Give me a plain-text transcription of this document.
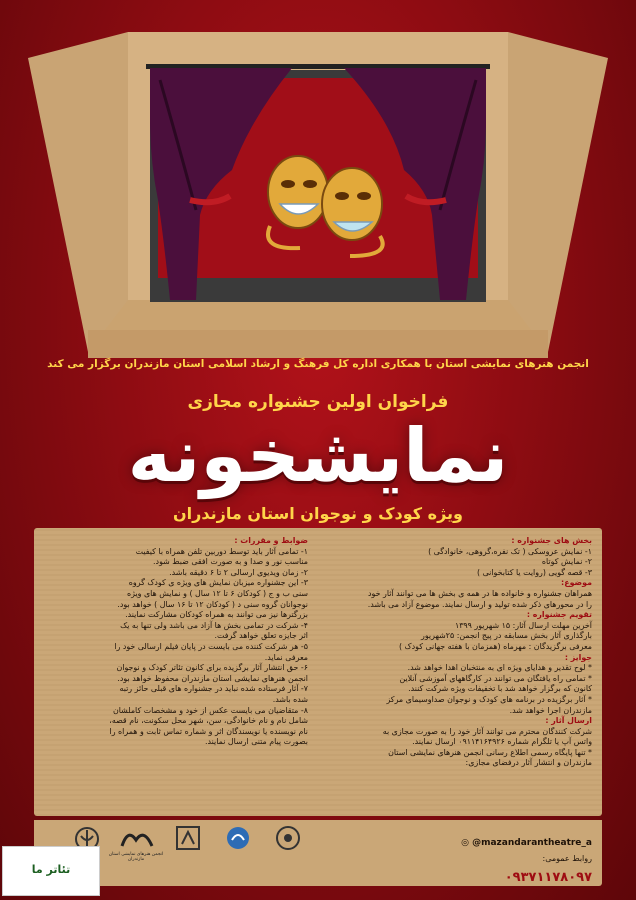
انجمن هنرهای نمایشی استان با همکاری اداره کل فرهنگ و ارشاد اسلامی استان مازندران برگزار می کند
فراخوان اولین جشنواره مجازی
نمایشخونه
ویژه کودک و نوجوان استان مازندران
بخش های جشنواره :
۱- نمایش عروسکی ( تک نفره،گروهی، خانوادگی )
۲- نمایش کوتاه
۳- قصه گویی (روایت یا کتابخوانی )
موضوع:
همراهان جشنواره و خانواده ها در همه ی بخش ها می توانند آثار خود
را در محورهای ذکر شده تولید و ارسال نمایند. موضوع آزاد می باشد.
تقویم جشنواره :
آخرین مهلت ارسال آثار: ۱۵ شهریور ۱۳۹۹
بارگذاری آثار بخش مسابقه در پیج انجمن: ۲۵شهریور
معرفی برگزیدگان : مهرماه (همزمان با هفته جهانی کودک )
جوایز :
* لوح تقدیر و هدایای ویژه ای به منتخبان اهدا خواهد شد.
* تمامی راه یافتگان می توانند در کارگاههای آموزشی آنلاین
کانون که برگزار خواهد شد با تخفیفات ویژه شرکت کنند.
* آثار برگزیده در برنامه های کودک و نوجوان صداوسیمای مرکز
مازندران اجرا خواهد شد.
ارسال آثار :
شرکت کنندگان محترم می توانند آثار خود را به صورت مجازی به
واتس آپ یا تلگرام شماره ۰۹۱۱۴۱۶۴۹۲۶ ارسال نمایند.
* تنها پایگاه رسمی اطلاع رسانی انجمن هنرهای نمایشی استان
مازندران و انتشار آثار درفضای مجازی:
ضوابط و مقررات :
۱- تمامی آثار باید توسط دوربین تلفن همراه با کیفیت
مناسب نور و صدا و به صورت افقی ضبط شود.
۲- زمان ویدیوی ارسالی ۲ تا ۶ دقیقه باشد.
۳- این جشنواره میزبان نمایش های ویژه ی کودک گروه
سنی ب و ج ( کودکان ۶ تا ۱۲ سال ) و نمایش های ویژه
نوجوانان گروه سنی د ( کودکان ۱۲ تا ۱۶ سال ) خواهد بود.
بزرگترها نیز می توانند به همراه کودکان مشارکت نمایند.
۴- شرکت در تمامی بخش ها آزاد می باشد ولی تنها به یک
اثر جایزه تعلق خواهد گرفت.
۵- هر شرکت کننده می بایست در پایان فیلم ارسالی خود را
معرفی نماید.
۶- حق انتشار آثار برگزیده برای کانون تئاتر کودک و نوجوان
انجمن هنرهای نمایشی استان مازندران محفوظ خواهد بود.
۷- آثار فرستاده شده نباید در جشنواره های قبلی حائز رتبه
شده باشد.
۸- متقاضیان می بایست عکس از خود و مشخصات کاملشان
شامل نام و نام خانوادگی، سن، شهر محل سکونت، نام قصه،
نام نویسنده یا نویسندگان اثر و شماره تماس ثابت و همراه را
بصورت پیام متنی ارسال نمایند.
انجمن هنرهای نمایشی استان مازندران
◎ @mazandarantheatre_a
روابط عمومی:
۰۹۳۷۱۱۷۸۰۹۷
تئاتر ما
